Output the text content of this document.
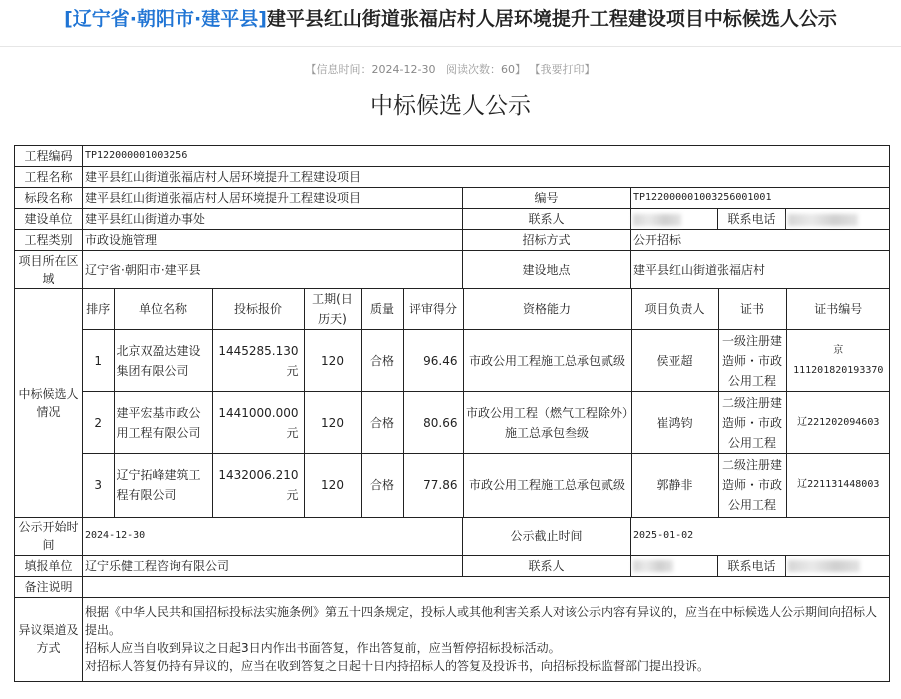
[辽宁省·朝阳市·建平县]建平县红山街道张福店村人居环境提升工程建设项目中标候选人公示
【信息时间：2024-12-30 阅读次数：60】 【我要打印】
中标候选人公示
工程编码	TP122000001003256
工程名称	建平县红山街道张福店村人居环境提升工程建设项目
标段名称	建平县红山街道张福店村人居环境提升工程建设项目	编号	TP122000001003256001001
建设单位	建平县红山街道办事处	联系人		联系电话	
工程类别	市政设施管理	招标方式	公开招标
项目所在区域	辽宁省·朝阳市·建平县	建设地点	建平县红山街道张福店村
中标候选人情况	
排序	单位名称	投标报价	工期(日历天)	质量	评审得分	资格能力	项目负责人	证书	证书编号
1	北京双盈达建设集团有限公司	1445285.130元	120	合格	96.46	市政公用工程施工总承包贰级	侯亚超	一级注册建造师・市政公用工程	京111201820193370
2	建平宏基市政公用工程有限公司	1441000.000元	120	合格	80.66	市政公用工程（燃气工程除外）施工总承包叁级	崔鸿钧	二级注册建造师・市政公用工程	辽221202094603
3	辽宁拓峰建筑工程有限公司	1432006.210元	120	合格	77.86	市政公用工程施工总承包贰级	郭静非	二级注册建造师・市政公用工程	辽221131448003

公示开始时间	2024-12-30	公示截止时间	2025-01-02
填报单位	辽宁乐健工程咨询有限公司	联系人		联系电话	
备注说明	
异议渠道及方式	
根据《中华人民共和国招标投标法实施条例》第五十四条规定，投标人或其他利害关系人对该公示内容有异议的，应当在中标候选人公示期间向招标人提出。
招标人应当自收到异议之日起3日内作出书面答复，作出答复前，应当暂停招标投标活动。
对招标人答复仍持有异议的，应当在收到答复之日起十日内持招标人的答复及投诉书，向招标投标监督部门提出投诉。
